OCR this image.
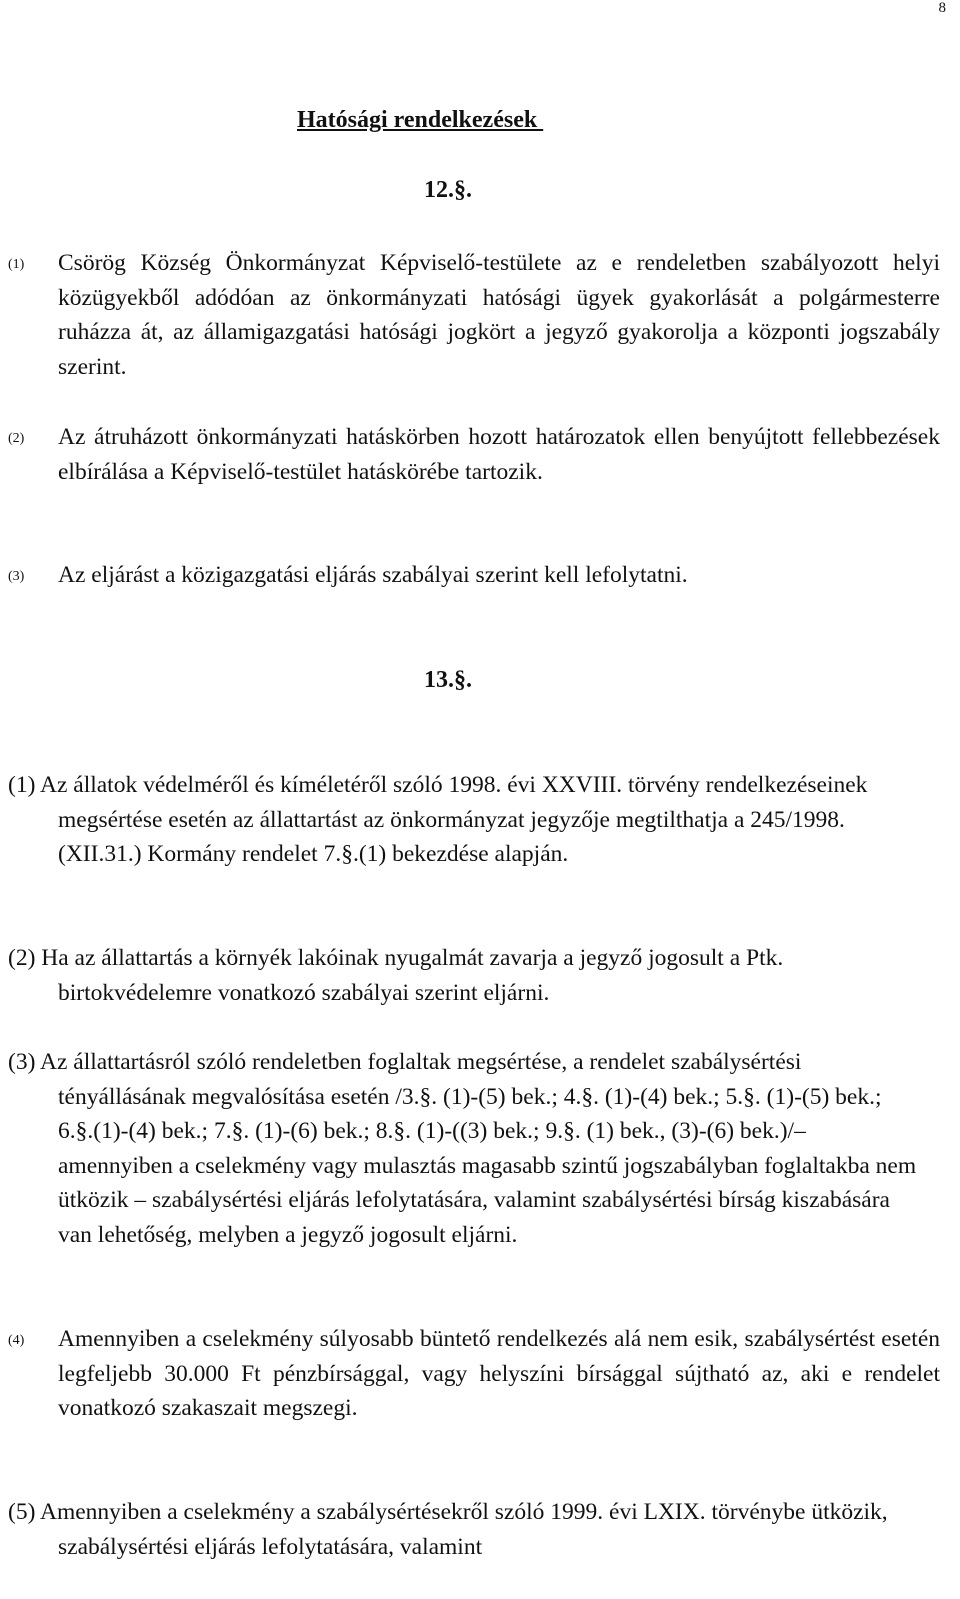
8
Hatósági rendelkezések
12.§.
(1)	Csörög Község Önkormányzat Képviselő-testülete az e rendeletben szabályozott helyi közügyekből adódóan az önkormányzati hatósági ügyek gyakorlását a polgármesterre ruházza át, az államigazgatási hatósági jogkört a jegyző gyakorolja a központi jogszabály szerint.
(2)	Az átruházott önkormányzati hatáskörben hozott határozatok ellen benyújtott fellebbezések elbírálása a Képviselő-testület hatáskörébe tartozik.
(3)	Az eljárást a közigazgatási eljárás szabályai szerint kell lefolytatni.
13.§.
(1) Az állatok védelméről és kíméletéről szóló 1998. évi XXVIII. törvény rendelkezéseinek megsértése esetén az állattartást az önkormányzat jegyzője megtilthatja a 245/1998. (XII.31.) Kormány rendelet 7.§.(1) bekezdése alapján.
(2) Ha az állattartás a környék lakóinak nyugalmát zavarja a jegyző jogosult a Ptk. birtokvédelemre vonatkozó szabályai szerint eljárni.
(3) Az állattartásról szóló rendeletben foglaltak megsértése, a rendelet szabálysértési tényállásának megvalósítása esetén /3.§. (1)-(5) bek.; 4.§. (1)-(4) bek.; 5.§. (1)-(5) bek.; 6.§.(1)-(4) bek.; 7.§. (1)-(6) bek.; 8.§. (1)-((3) bek.; 9.§. (1) bek., (3)-(6) bek.)/– amennyiben a cselekmény vagy mulasztás magasabb szintű jogszabályban foglaltakba nem ütközik – szabálysértési eljárás lefolytatására, valamint szabálysértési bírság kiszabására van lehetőség, melyben a jegyző jogosult eljárni.
(4)	Amennyiben a cselekmény súlyosabb büntető rendelkezés alá nem esik, szabálysértést esetén legfeljebb 30.000 Ft pénzbírsággal, vagy helyszíni bírsággal sújtható az, aki e rendelet vonatkozó szakaszait megszegi.
(5) Amennyiben a cselekmény a szabálysértésekről szóló 1999. évi LXIX. törvénybe ütközik, szabálysértési eljárás lefolytatására, valamint
